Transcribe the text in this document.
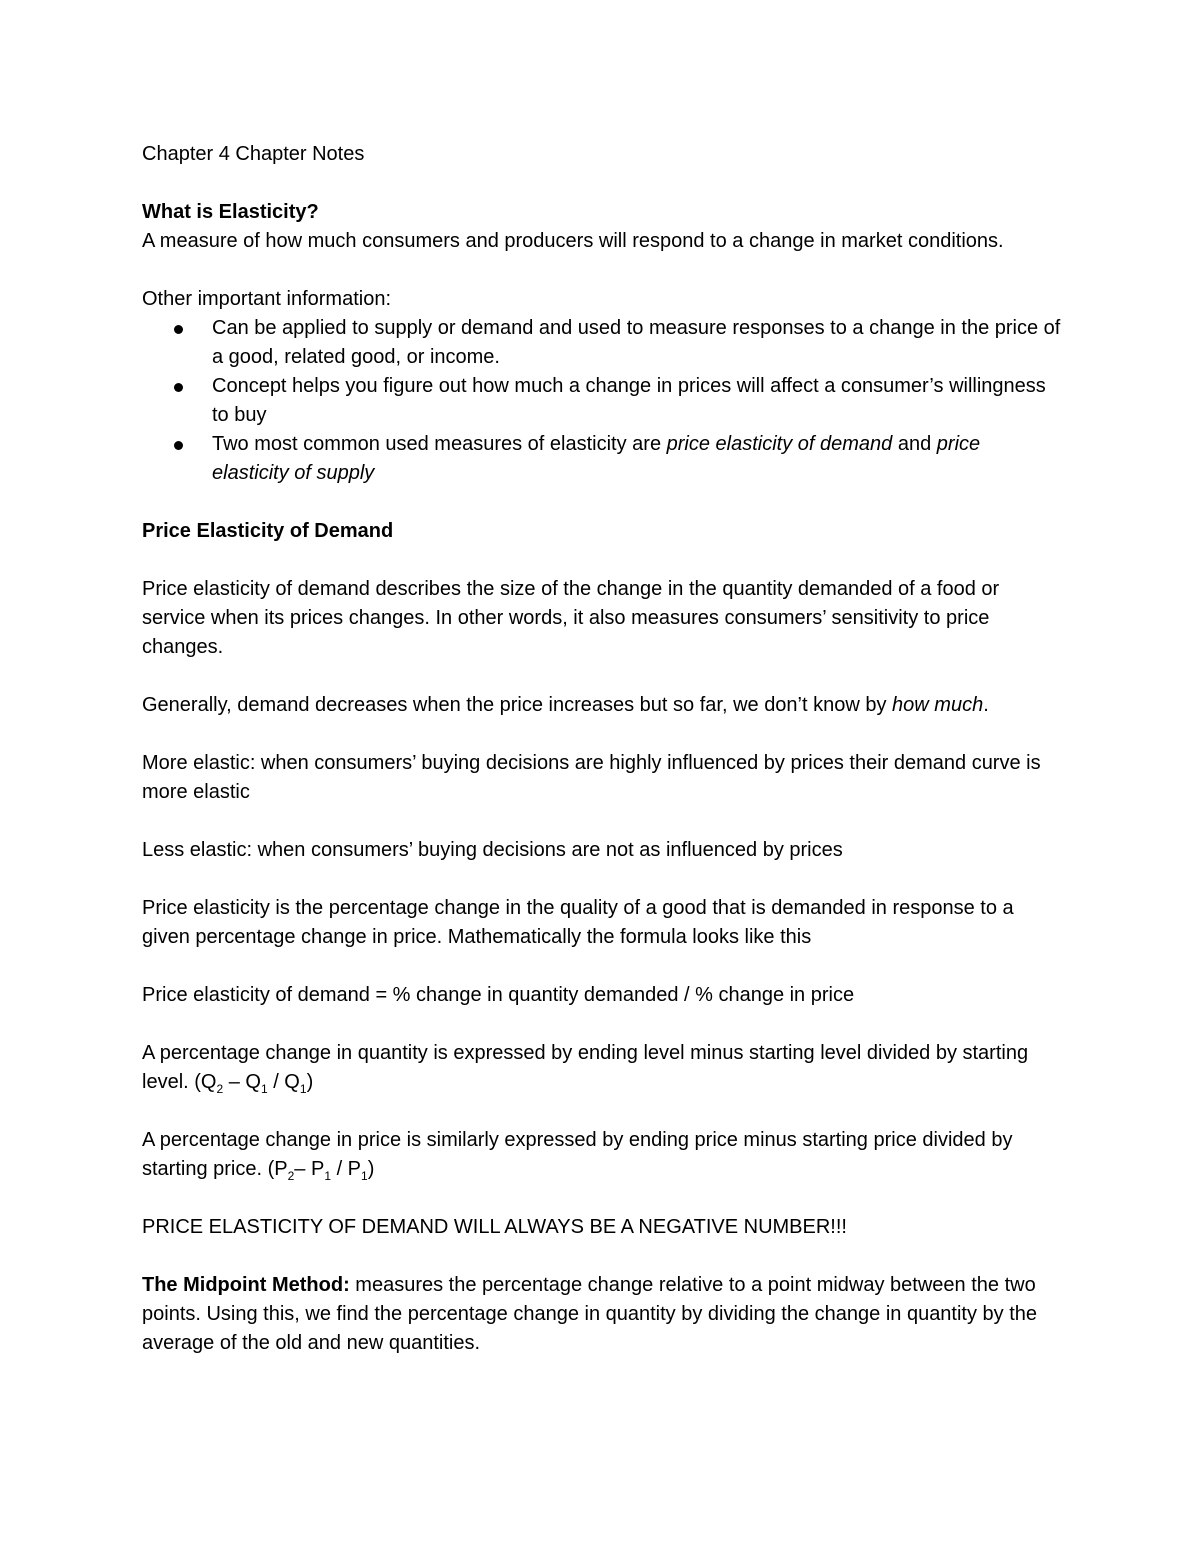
Chapter 4 Chapter Notes

What is Elasticity?

A measure of how much consumers and producers will respond to a change in market conditions.

Other important information:

Can be applied to supply or demand and used to measure responses to a change in the price of a good, related good, or income.
Concept helps you figure out how much a change in prices will affect a consumer’s willingness to buy
Two most common used measures of elasticity are price elasticity of demand and price elasticity of supply

Price Elasticity of Demand

Price elasticity of demand describes the size of the change in the quantity demanded of a food or service when its prices changes. In other words, it also measures consumers’ sensitivity to price changes.

Generally, demand decreases when the price increases but so far, we don’t know by how much.

More elastic: when consumers’ buying decisions are highly influenced by prices their demand curve is more elastic

Less elastic: when consumers’ buying decisions are not as influenced by prices

Price elasticity is the percentage change in the quality of a good that is demanded in response to a given percentage change in price. Mathematically the formula looks like this

Price elasticity of demand = % change in quantity demanded / % change in price

A percentage change in quantity is expressed by ending level minus starting level divided by starting level. $(Q_2 - Q_1 / Q_1)$

A percentage change in price is similarly expressed by ending price minus starting price divided by starting price. ($P_2-$ $P_1 / P_1$)

PRICE ELASTICITY OF DEMAND WILL ALWAYS BE A NEGATIVE NUMBER!!!

The Midpoint Method: measures the percentage change relative to a point midway between the two points. Using this, we find the percentage change in quantity by dividing the change in quantity by the average of the old and new quantities.
